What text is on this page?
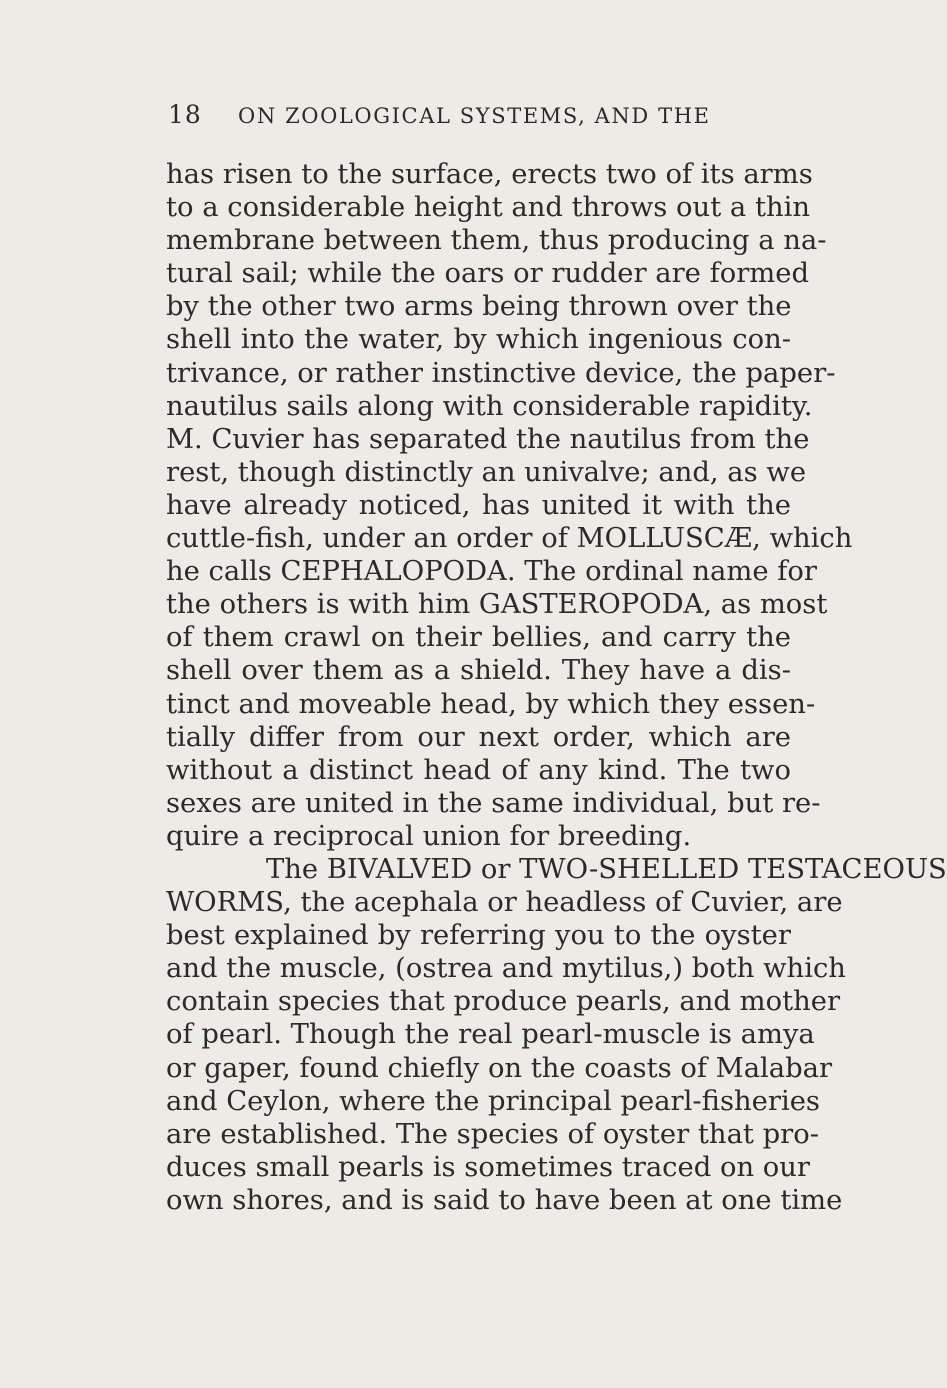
18 ON ZOOLOGICAL SYSTEMS, AND THE
has risen to the surface, erects two of its arms
to a considerable height and throws out a thin
membrane between them, thus producing a na-
tural sail; while the oars or rudder are formed
by the other two arms being thrown over the
shell into the water, by which ingenious con-
trivance, or rather instinctive device, the paper-
nautilus sails along with considerable rapidity.
M. Cuvier has separated the nautilus from the
rest, though distinctly an univalve; and, as we
have already noticed, has united it with the
cuttle-fish, under an order of MOLLUSCÆ, which
he calls CEPHALOPODA. The ordinal name for
the others is with him GASTEROPODA, as most
of them crawl on their bellies, and carry the
shell over them as a shield. They have a dis-
tinct and moveable head, by which they essen-
tially differ from our next order, which are
without a distinct head of any kind. The two
sexes are united in the same individual, but re-
quire a reciprocal union for breeding.
The BIVALVED or TWO-SHELLED TESTACEOUS
WORMS, the acephala or headless of Cuvier, are
best explained by referring you to the oyster
and the muscle, (ostrea and mytilus,) both which
contain species that produce pearls, and mother
of pearl. Though the real pearl-muscle is amya
or gaper, found chiefly on the coasts of Malabar
and Ceylon, where the principal pearl-fisheries
are established. The species of oyster that pro-
duces small pearls is sometimes traced on our
own shores, and is said to have been at one time
